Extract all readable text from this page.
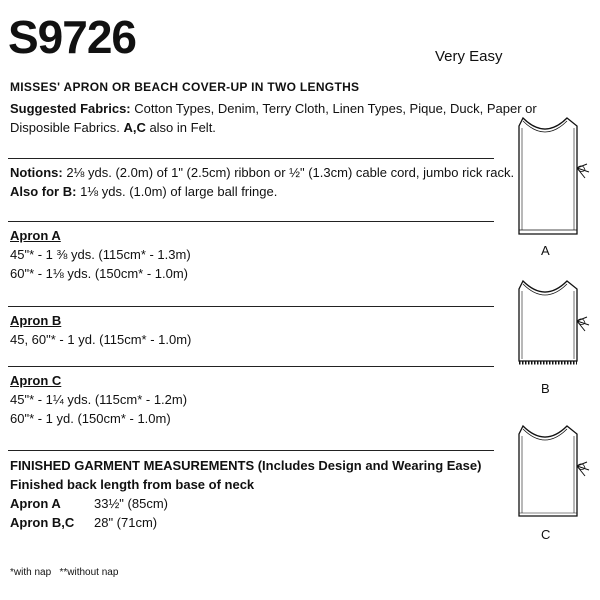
S9726	Very Easy
MISSES' APRON OR BEACH COVER-UP IN TWO LENGTHS
Suggested Fabrics: Cotton Types, Denim, Terry Cloth, Linen Types, Pique, Duck, Paper or
Disposible Fabrics. A,C also in Felt.
Notions: 2⅛ yds. (2.0m) of 1" (2.5cm) ribbon or ½" (1.3cm) cable cord, jumbo rick rack.
Also for B: 1⅛ yds. (1.0m) of large ball fringe.
Apron A
45"* - 1 ⅜ yds. (115cm* - 1.3m)
60"* - 1⅛ yds. (150cm* - 1.0m)
Apron B
45, 60"* - 1 yd. (115cm* - 1.0m)
Apron C
45"* - 1¼ yds. (115cm* - 1.2m)
60"* - 1 yd. (150cm* - 1.0m)
FINISHED GARMENT MEASUREMENTS (Includes Design and Wearing Ease)
Finished back length from base of neck
Apron A	33½" (85cm)
Apron B,C 28" (71cm)
*with nap   **without nap
A
B
C
